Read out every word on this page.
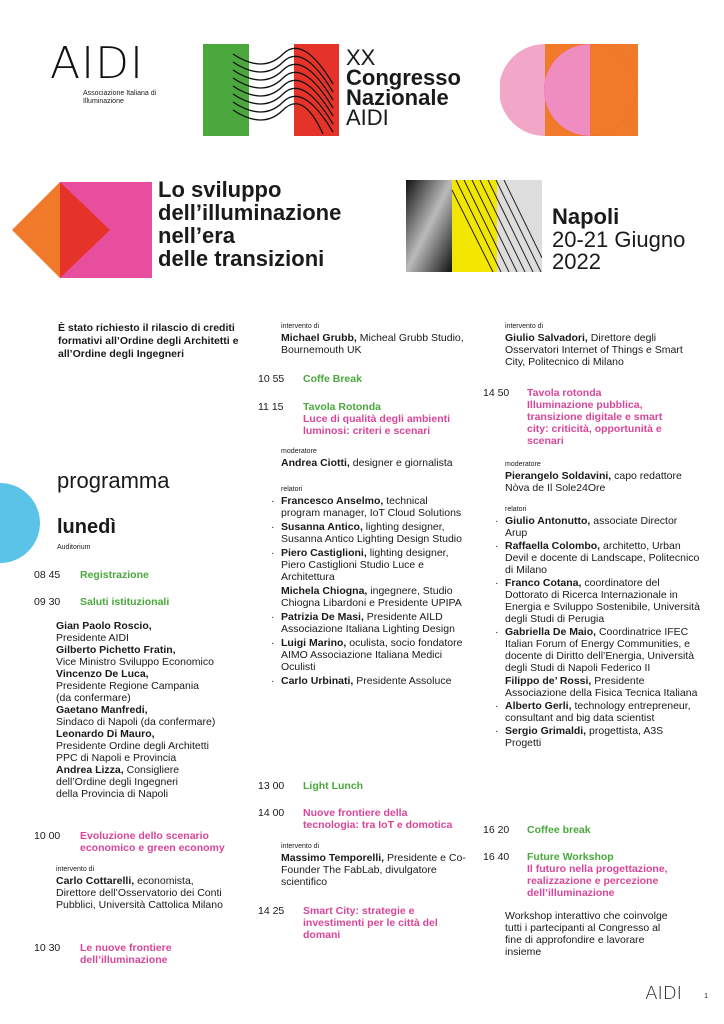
AIDI
Associazione Italiana di Illuminazione
XX
Congresso
Nazionale
AIDI
Lo sviluppo
dell’illuminazione
nell’era
delle transizioni
Napoli
20-21 Giugno
2022
È stato richiesto il rilascio di crediti formativi all’Ordine degli Architetti e all’Ordine degli Ingegneri
programma
lunedì
Auditorium
08 45 Registrazione
09 30 Saluti istituzionali
Gian Paolo Roscio,
Presidente AIDI
Gilberto Pichetto Fratin,
Vice Ministro Sviluppo Economico
Vincenzo De Luca,
Presidente Regione Campania
(da confermare)
Gaetano Manfredi,
Sindaco di Napoli (da confermare)
Leonardo Di Mauro,
Presidente Ordine degli Architetti
PPC di Napoli e Provincia
Andrea Lizza, Consigliere
dell’Ordine degli Ingegneri
della Provincia di Napoli
10 00 Evoluzione dello scenario economico e green economy
intervento di
Carlo Cottarelli, economista, Direttore dell’Osservatorio dei Conti Pubblici, Università Cattolica Milano
10 30 Le nuove frontiere dell’illuminazione
intervento di
Michael Grubb, Micheal Grubb Studio, Bournemouth UK
10 55 Coffe Break
11 15 Tavola Rotonda
Luce di qualità degli ambienti luminosi: criteri e scenari
moderatore
Andrea Ciotti, designer e giornalista
relatori
· Francesco Anselmo, technical program manager, IoT Cloud Solutions
· Susanna Antico, lighting designer, Susanna Antico Lighting Design Studio
· Piero Castiglioni, lighting designer, Piero Castiglioni Studio Luce e Architettura
Michela Chiogna, ingegnere, Studio Chiogna Libardoni e Presidente UPIPA
· Patrizia De Masi, Presidente AILD Associazione Italiana Lighting Design
· Luigi Marino, oculista, socio fondatore AIMO Associazione Italiana Medici Oculisti
· Carlo Urbinati, Presidente Assoluce
13 00 Light Lunch
14 00 Nuove frontiere della tecnologia: tra IoT e domotica
intervento di
Massimo Temporelli, Presidente e Co-Founder The FabLab, divulgatore scientifico
14 25 Smart City: strategie e investimenti per le città del domani
intervento di
Giulio Salvadori, Direttore degli Osservatori Internet of Things e Smart City, Politecnico di Milano
14 50 Tavola rotonda
Illuminazione pubblica, transizione digitale e smart city: criticità, opportunità e scenari
moderatore
Pierangelo Soldavini, capo redattore Nòva de Il Sole24Ore
relatori
· Giulio Antonutto, associate Director Arup
· Raffaella Colombo, architetto, Urban Devil e docente di Landscape, Politecnico di Milano
· Franco Cotana, coordinatore del Dottorato di Ricerca Internazionale in Energia e Sviluppo Sostenibile, Università degli Studi di Perugia
· Gabriella De Maio, Coordinatrice IFEC Italian Forum of Energy Communities, e docente di Diritto dell’Energia, Università degli Studi di Napoli Federico II
Filippo de’ Rossi, Presidente Associazione della Fisica Tecnica Italiana
· Alberto Gerli, technology entrepreneur, consultant and big data scientist
· Sergio Grimaldi, progettista, A3S Progetti
16 20 Coffee break
16 40 Future Workshop
Il futuro nella progettazione, realizzazione e percezione dell’illuminazione
Workshop interattivo che coinvolge tutti i partecipanti al Congresso al fine di approfondire e lavorare insieme
AIDI	1
